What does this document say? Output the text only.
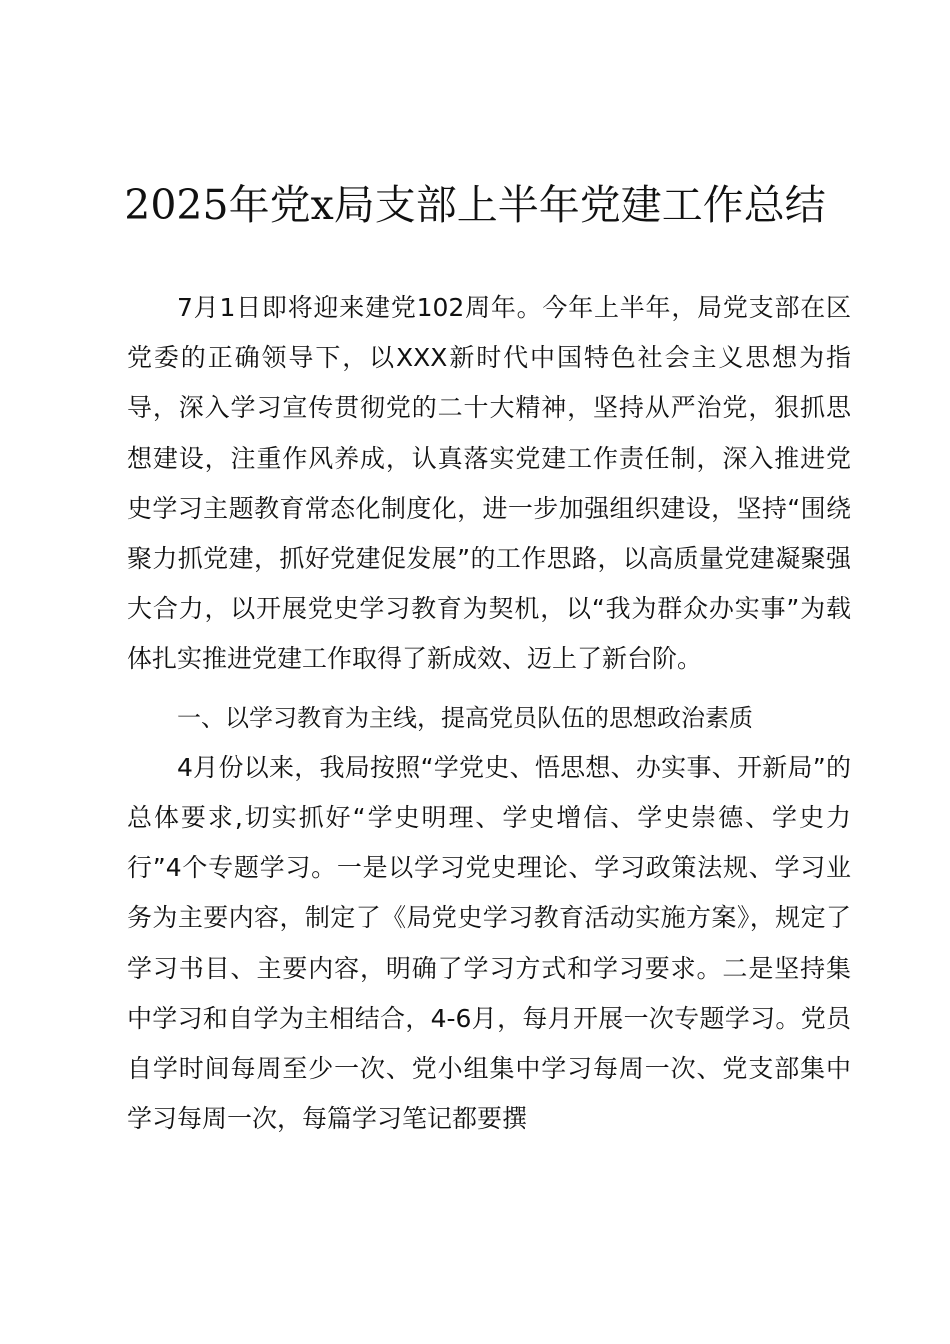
2025年党x局支部上半年党建工作总结

7月1日即将迎来建党102周年。今年上半年，局党支部在区党委的正确领导下，以XXX新时代中国特色社会主义思想为指导，深入学习宣传贯彻党的二十大精神，坚持从严治党，狠抓思想建设，注重作风养成，认真落实党建工作责任制，深入推进党史学习主题教育常态化制度化，进一步加强组织建设，坚持“围绕聚力抓党建，抓好党建促发展”的工作思路，以高质量党建凝聚强大合力，以开展党史学习教育为契机，以“我为群众办实事”为载体扎实推进党建工作取得了新成效、迈上了新台阶。

一、以学习教育为主线，提高党员队伍的思想政治素质

4月份以来，我局按照“学党史、悟思想、办实事、开新局”的总体要求,切实抓好“学史明理、学史增信、学史崇德、学史力行”4个专题学习。一是以学习党史理论、学习政策法规、学习业务为主要内容，制定了《局党史学习教育活动实施方案》，规定了学习书目、主要内容，明确了学习方式和学习要求。二是坚持集中学习和自学为主相结合，4-6月，每月开展一次专题学习。党员自学时间每周至少一次、党小组集中学习每周一次、党支部集中学习每周一次，每篇学习笔记都要撰
